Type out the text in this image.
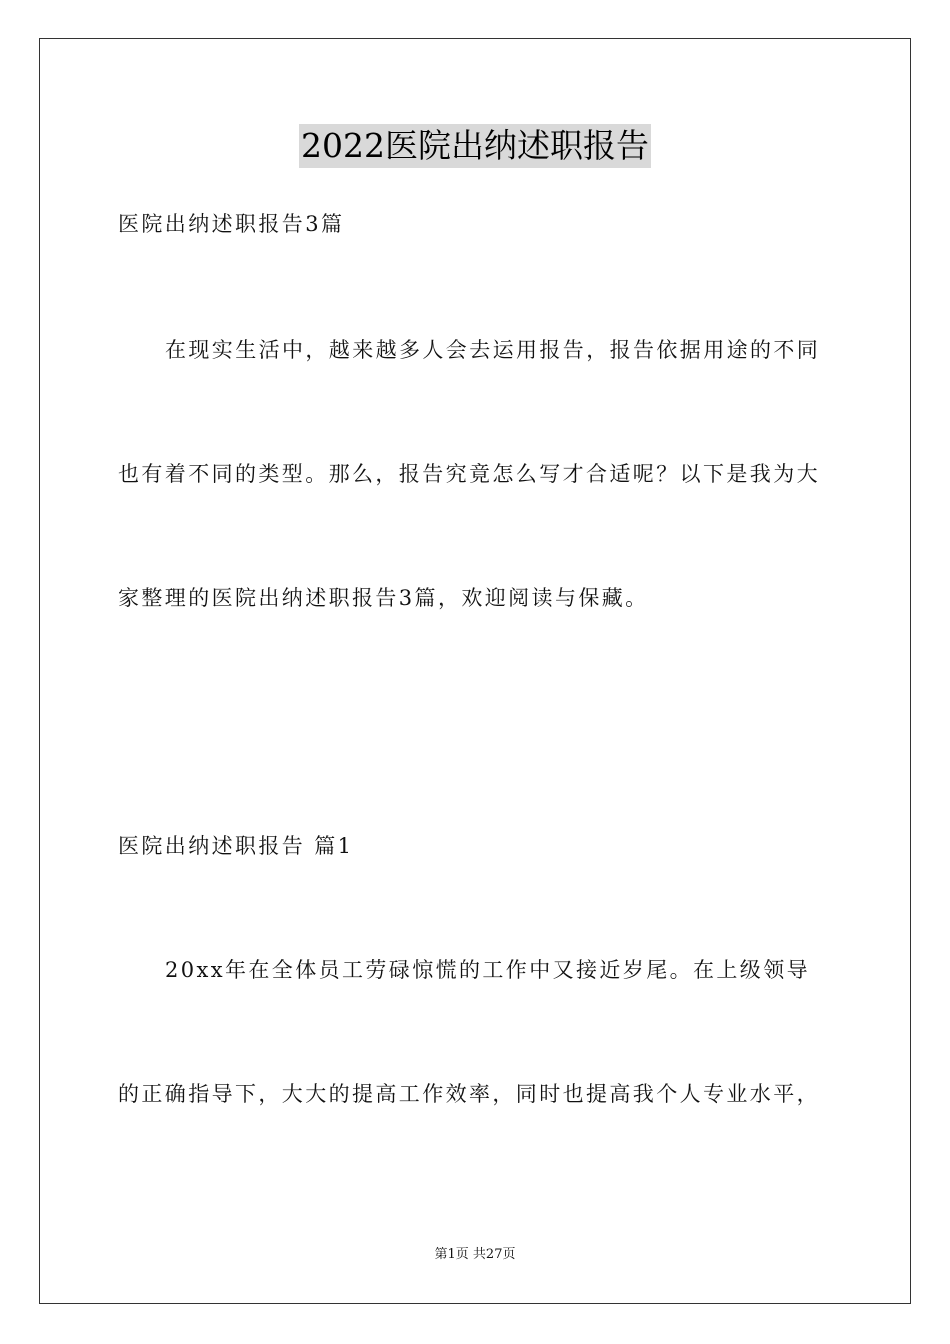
2022医院出纳述职报告
医院出纳述职报告3篇
在现实生活中，越来越多人会去运用报告，报告依据用途的不同
也有着不同的类型。那么，报告究竟怎么写才合适呢？以下是我为大
家整理的医院出纳述职报告3篇，欢迎阅读与保藏。
医院出纳述职报告 篇1
20xx年在全体员工劳碌惊慌的工作中又接近岁尾。在上级领导
的正确指导下，大大的提高工作效率，同时也提高我个人专业水平，
第1页 共27页
